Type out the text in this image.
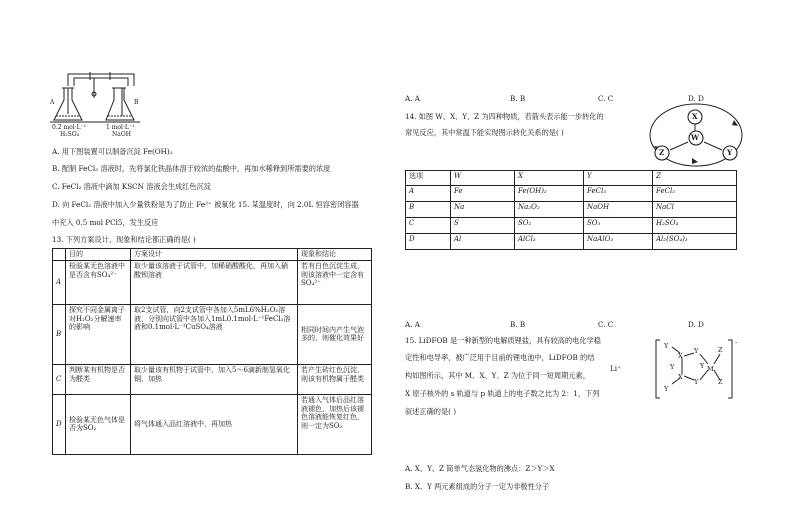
A	B
0.2 mol·L⁻¹
H₂SO₄
1 mol·L⁻¹
NaOH
A. 用下图装置可以制备沉淀 Fe(OH)₂
B. 配制 FeCl₃ 溶液时，先将氯化铁晶体溶于较浓的盐酸中，再加水稀释到所需要的浓度
C. FeCl₂ 溶液中滴加 KSCN 溶液会生成红色沉淀
D. 向 FeCl₂ 溶液中加入少量铁粉是为了防止 Fe²⁺ 被氧化 15. 某温度时，向 2.0L 恒容密闭容器
中充入 0.5 mol PCl5，发生反应
13. 下列方案设计、现象和结论都正确的是( )
	目的	方案设计	现象和结论
A	检验某无色溶液中是否含有SO₄²⁻	取少量该溶液于试管中，加稀硝酸酸化，再加入硝酸钡溶液	若有白色沉淀生成，则该溶液中一定含有SO₄²⁻
B	探究不同金属离子对H₂O₂分解速率的影响	取2支试管，向2支试管中各加入5mL6%H₂O₂溶液，分别向试管中各加入1mL0.1mol·L⁻¹FeCl₃溶液和0.1mol·L⁻¹CuSO₄溶液	相同时间内产生气泡多的，则催化效果好
C	判断某有机物是否为醛类	取少量该有机物于试管中，加入5～6滴新制氢氧化铜，加热	若产生砖红色沉淀，则该有机物属于醛类
D	检验某无色气体是否为SO₂	将气体通入品红溶液中，再加热	若通入气体后品红溶液褪色，加热后该褪色溶液能恢复红色，则一定为SO₂
A. A	B. B	C. C	D. D
14. 如图 W、X、Y、Z 为四种物质，若箭头表示能一步转化的
常见反应，其中常温下能实现图示转化关系的是( )
X
W
Z	Y
选项	W	X	Y	Z
A	Fe	Fe(OH)₂	FeCl₃	FeCl₂
B	Na	Na₂O₂	NaOH	NaCl
C	S	SO₂	SO₃	H₂SO₄
D	Al	AlCl₃	NaAlO₂	Al₂(SO₄)₃
A. A	B. B	C. C	D. D
15. LiDFOB 是一种新型的电解质锂盐，具有较高的电化学稳
定性和电导率，被广泛用于目前的锂电池中，LiDFOB 的结
构如图所示，其中 M、X、Y、Z 为位于同一短周期元素，
X 原子核外的 s 轨道与 p 轨道上的电子数之比为 2：1，下列
叙述正确的是( )
Li⁺
-
Y
X
Y	Z
M
X
Y	Z
Y
Y	Y
A. X、Y、Z 简单气态氢化物的沸点：Z＞Y＞X
B. X、Y 两元素组成的分子一定为非极性分子
